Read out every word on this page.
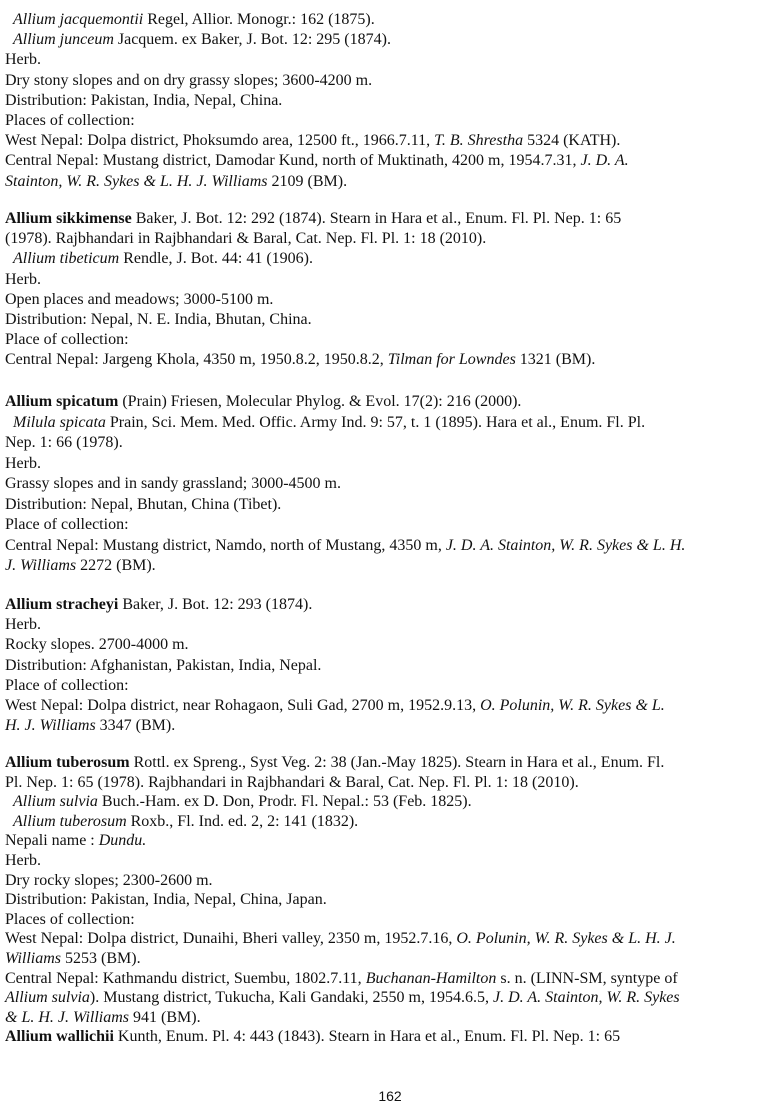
Allium jacquemontii Regel, Allior. Monogr.: 162 (1875).
Allium junceum Jacquem. ex Baker, J. Bot. 12: 295 (1874).
Herb.
Dry stony slopes and on dry grassy slopes; 3600-4200 m.
Distribution: Pakistan, India, Nepal, China.
Places of collection:
West Nepal: Dolpa district, Phoksumdo area, 12500 ft., 1966.7.11, T. B. Shrestha 5324 (KATH).
Central Nepal: Mustang district, Damodar Kund, north of Muktinath, 4200 m, 1954.7.31, J. D. A.
Stainton, W. R. Sykes & L. H. J. Williams 2109 (BM).
Allium sikkimense Baker, J. Bot. 12: 292 (1874). Stearn in Hara et al., Enum. Fl. Pl. Nep. 1: 65
(1978). Rajbhandari in Rajbhandari & Baral, Cat. Nep. Fl. Pl. 1: 18 (2010).
Allium tibeticum Rendle, J. Bot. 44: 41 (1906).
Herb.
Open places and meadows; 3000-5100 m.
Distribution: Nepal, N. E. India, Bhutan, China.
Place of collection:
Central Nepal: Jargeng Khola, 4350 m, 1950.8.2, 1950.8.2, Tilman for Lowndes 1321 (BM).
Allium spicatum (Prain) Friesen, Molecular Phylog. & Evol. 17(2): 216 (2000).
Milula spicata Prain, Sci. Mem. Med. Offic. Army Ind. 9: 57, t. 1 (1895). Hara et al., Enum. Fl. Pl.
Nep. 1: 66 (1978).
Herb.
Grassy slopes and in sandy grassland; 3000-4500 m.
Distribution: Nepal, Bhutan, China (Tibet).
Place of collection:
Central Nepal: Mustang district, Namdo, north of Mustang, 4350 m, J. D. A. Stainton, W. R. Sykes & L. H.
J. Williams 2272 (BM).
Allium stracheyi Baker, J. Bot. 12: 293 (1874).
Herb.
Rocky slopes. 2700-4000 m.
Distribution: Afghanistan, Pakistan, India, Nepal.
Place of collection:
West Nepal: Dolpa district, near Rohagaon, Suli Gad, 2700 m, 1952.9.13, O. Polunin, W. R. Sykes & L.
H. J. Williams 3347 (BM).
Allium tuberosum Rottl. ex Spreng., Syst Veg. 2: 38 (Jan.-May 1825). Stearn in Hara et al., Enum. Fl.
Pl. Nep. 1: 65 (1978). Rajbhandari in Rajbhandari & Baral, Cat. Nep. Fl. Pl. 1: 18 (2010).
Allium sulvia Buch.-Ham. ex D. Don, Prodr. Fl. Nepal.: 53 (Feb. 1825).
Allium tuberosum Roxb., Fl. Ind. ed. 2, 2: 141 (1832).
Nepali name : Dundu.
Herb.
Dry rocky slopes; 2300-2600 m.
Distribution: Pakistan, India, Nepal, China, Japan.
Places of collection:
West Nepal: Dolpa district, Dunaihi, Bheri valley, 2350 m, 1952.7.16, O. Polunin, W. R. Sykes & L. H. J.
Williams 5253 (BM).
Central Nepal: Kathmandu district, Suembu, 1802.7.11, Buchanan-Hamilton s. n. (LINN-SM, syntype of
Allium sulvia). Mustang district, Tukucha, Kali Gandaki, 2550 m, 1954.6.5, J. D. A. Stainton, W. R. Sykes
& L. H. J. Williams 941 (BM).
Allium wallichii Kunth, Enum. Pl. 4: 443 (1843). Stearn in Hara et al., Enum. Fl. Pl. Nep. 1: 65
162
